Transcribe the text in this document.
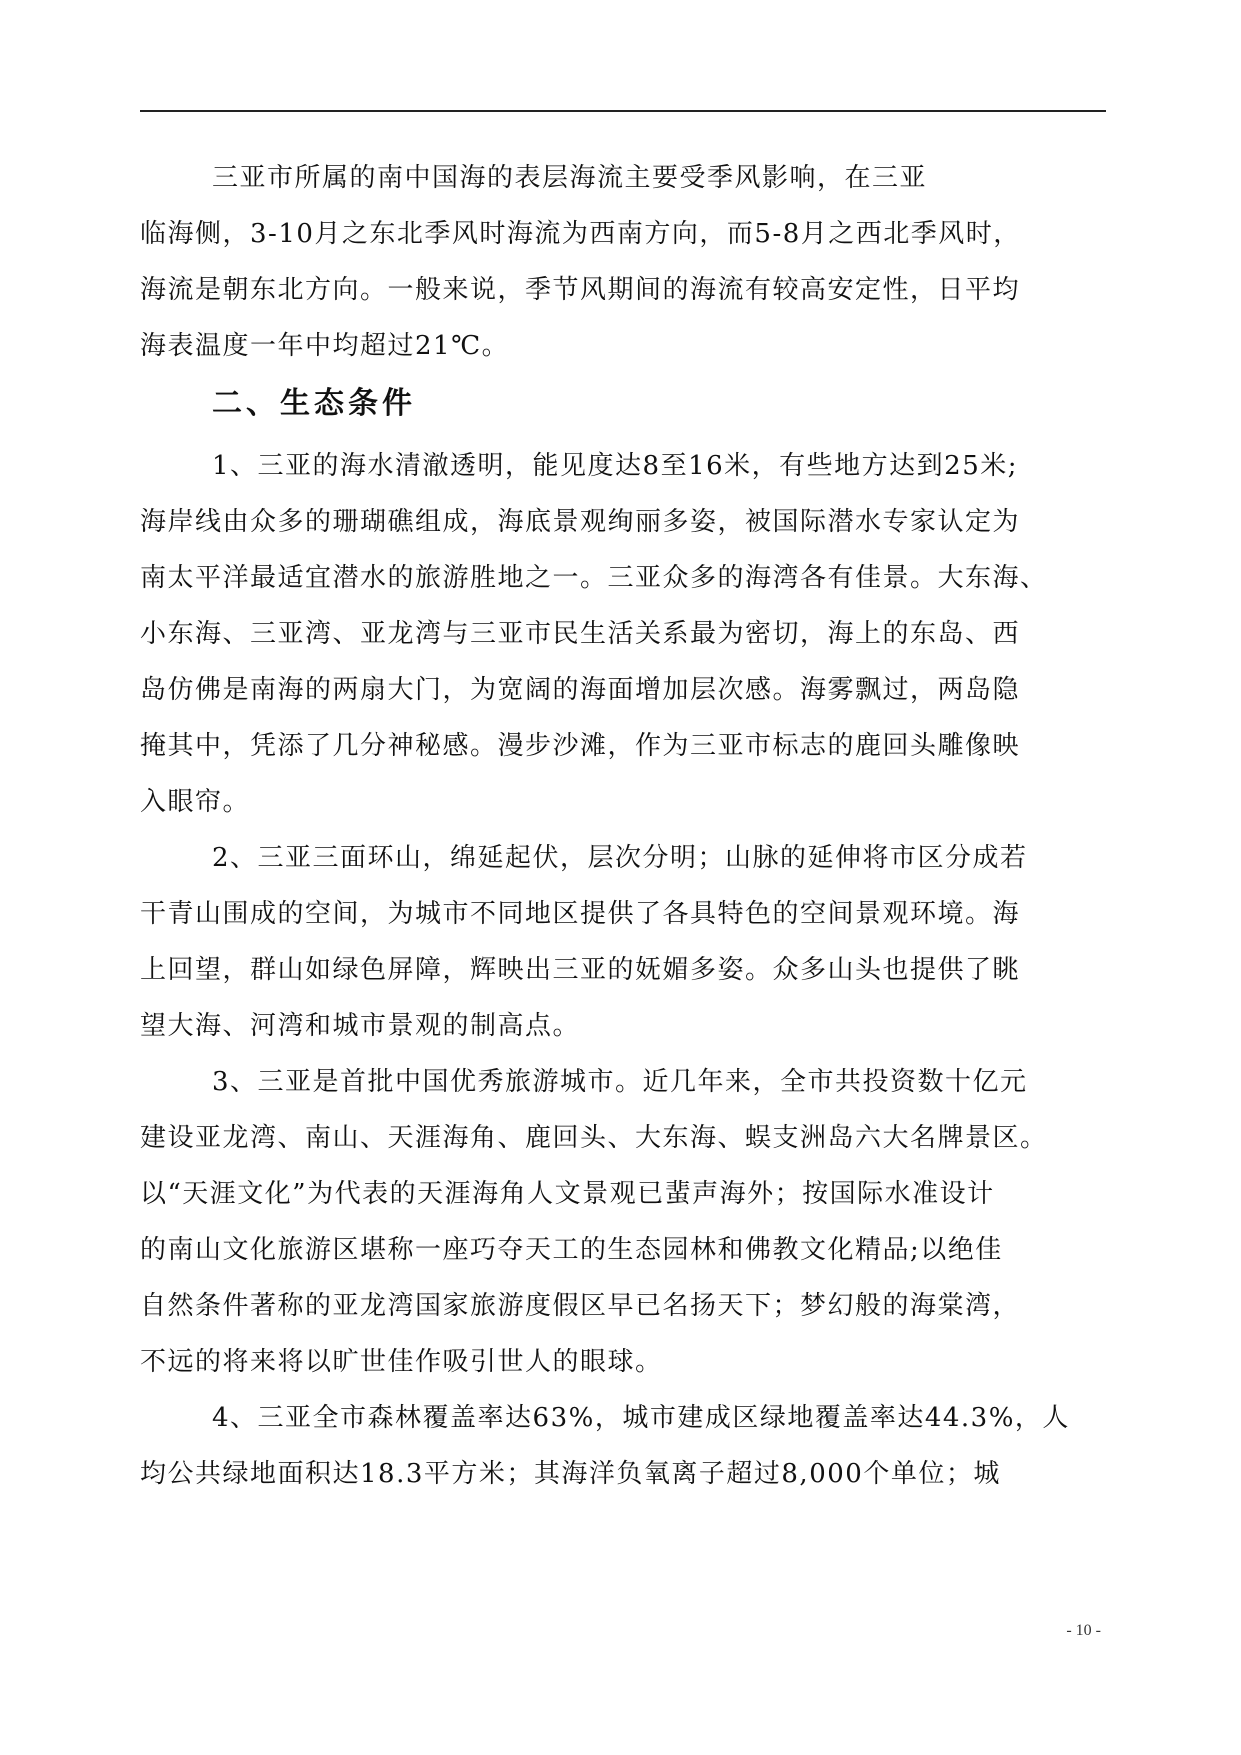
三亚市所属的南中国海的表层海流主要受季风影响，在三亚
临海侧，3-10月之东北季风时海流为西南方向，而5-8月之西北季风时，
海流是朝东北方向。一般来说，季节风期间的海流有较高安定性，日平均
海表温度一年中均超过21℃。
二、生态条件
1、三亚的海水清澈透明，能见度达8至16米，有些地方达到25米;
海岸线由众多的珊瑚礁组成，海底景观绚丽多姿，被国际潜水专家认定为
南太平洋最适宜潜水的旅游胜地之一。三亚众多的海湾各有佳景。大东海、
小东海、三亚湾、亚龙湾与三亚市民生活关系最为密切，海上的东岛、西
岛仿佛是南海的两扇大门，为宽阔的海面增加层次感。海雾飘过，两岛隐
掩其中，凭添了几分神秘感。漫步沙滩，作为三亚市标志的鹿回头雕像映
入眼帘。
2、三亚三面环山，绵延起伏，层次分明；山脉的延伸将市区分成若
干青山围成的空间，为城市不同地区提供了各具特色的空间景观环境。海
上回望，群山如绿色屏障，辉映出三亚的妩媚多姿。众多山头也提供了眺
望大海、河湾和城市景观的制高点。
3、三亚是首批中国优秀旅游城市。近几年来，全市共投资数十亿元
建设亚龙湾、南山、天涯海角、鹿回头、大东海、蜈支洲岛六大名牌景区。
以“天涯文化”为代表的天涯海角人文景观已蜚声海外；按国际水准设计
的南山文化旅游区堪称一座巧夺天工的生态园林和佛教文化精品;以绝佳
自然条件著称的亚龙湾国家旅游度假区早已名扬天下；梦幻般的海棠湾，
不远的将来将以旷世佳作吸引世人的眼球。
4、三亚全市森林覆盖率达63%，城市建成区绿地覆盖率达44.3%，人
均公共绿地面积达18.3平方米；其海洋负氧离子超过8,000个单位；城
- 10 -
